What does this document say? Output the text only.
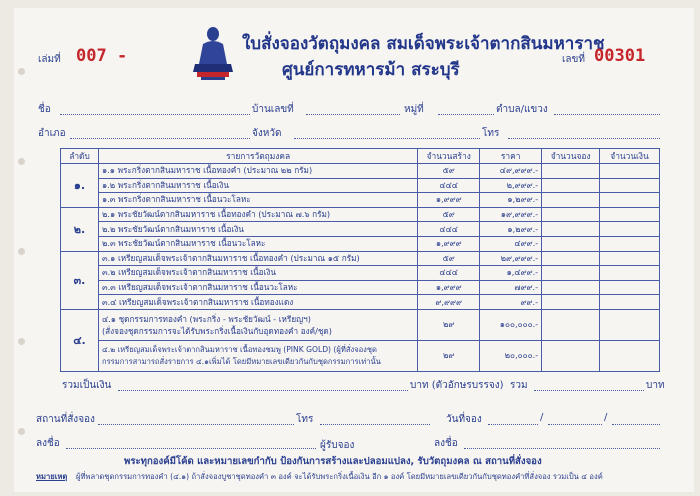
ใบสั่งจองวัตถุมงคล สมเด็จพระเจ้าตากสินมหาราช
ศูนย์การทหารม้า สระบุรี
เล่มที่ 007 -	เลขที่ 00301
ชื่อ	บ้านเลขที่	หมู่ที่	ตำบล/แขวง
อำเภอ	จังหวัด	โทร
ลำดับ	รายการวัตถุมงคล	จำนวนสร้าง	ราคา	จำนวนจอง	จำนวนเงิน
๑.	๑.๑ พระกริ่งตากสินมหาราช เนื้อทองคำ (ประมาณ ๒๒ กรัม)	๕๙	๔๙,๙๙๙.-		
	๑.๒ พระกริ่งตากสินมหาราช เนื้อเงิน	๔๔๔	๒,๙๙๙.-		
	๑.๓ พระกริ่งตากสินมหาราช เนื้อนวะโลหะ	๑,๙๙๙	๑,๒๙๙.-		
๒.	๒.๑ พระชัยวัฒน์ตากสินมหาราช เนื้อทองคำ (ประมาณ ๗.๖ กรัม)	๕๙	๑๙,๙๙๙.-		
	๒.๒ พระชัยวัฒน์ตากสินมหาราช เนื้อเงิน	๔๔๔	๑,๒๙๙.-		
	๒.๓ พระชัยวัฒน์ตากสินมหาราช เนื้อนวะโลหะ	๑,๙๙๙	๔๙๙.-		
๓.	๓.๑ เหรียญสมเด็จพระเจ้าตากสินมหาราช เนื้อทองคำ (ประมาณ ๑๕ กรัม)	๕๙	๒๙,๙๙๙.-		
	๓.๒ เหรียญสมเด็จพระเจ้าตากสินมหาราช เนื้อเงิน	๔๔๔	๑,๔๙๙.-		
	๓.๓ เหรียญสมเด็จพระเจ้าตากสินมหาราช เนื้อนวะโลหะ	๑,๙๙๙	๗๙๙.-		
	๓.๔ เหรียญสมเด็จพระเจ้าตากสินมหาราช เนื้อทองแดง	๙,๙๙๙	๙๙.-		
๔.	๔.๑ ชุดกรรมการทองคำ (พระกริ่ง - พระชัยวัฒน์ - เหรียญฯ)
(สั่งจองชุดกรรมการจะได้รับพระกริ่งเนื้อเงินกับอุดทองคำ องค์/ชุด)	๒๙	๑๐๐,๐๐๐.-		

	๔.๒ เหรียญสมเด็จพระเจ้าตากสินมหาราช เนื้อทองชมพู (PINK GOLD) (ผู้ที่สั่งจองชุด
กรรมการสามารถสั่งรายการ ๔.๑เพิ่มได้ โดยมีหมายเลขเดียวกันกับชุดกรรมการเท่านั้น	๒๙	๒๐,๐๐๐.-		
รวมเป็นเงิน	บาท (ตัวอักษรบรรจง) รวม	บาท
สถานที่สั่งจอง	โทร	วันที่จอง	/	/
ลงชื่อ	ผู้รับจอง	ลงชื่อ
พระทุกองค์มีโค้ด และหมายเลขกำกับ ป้องกันการสร้างและปลอมแปลง, รับวัตถุมงคล ณ สถานที่สั่งจอง
หมายเหตุ ผู้ที่พลาดชุดกรรมการทองคำ (๔.๑) ถ้าสั่งจองบูชาชุดทองคำ ๓ องค์ จะได้รับพระกริ่งเนื้อเงิน อีก ๑ องค์ โดยมีหมายเลขเดียวกันกับชุดทองคำที่สั่งจอง รวมเป็น ๔ องค์
